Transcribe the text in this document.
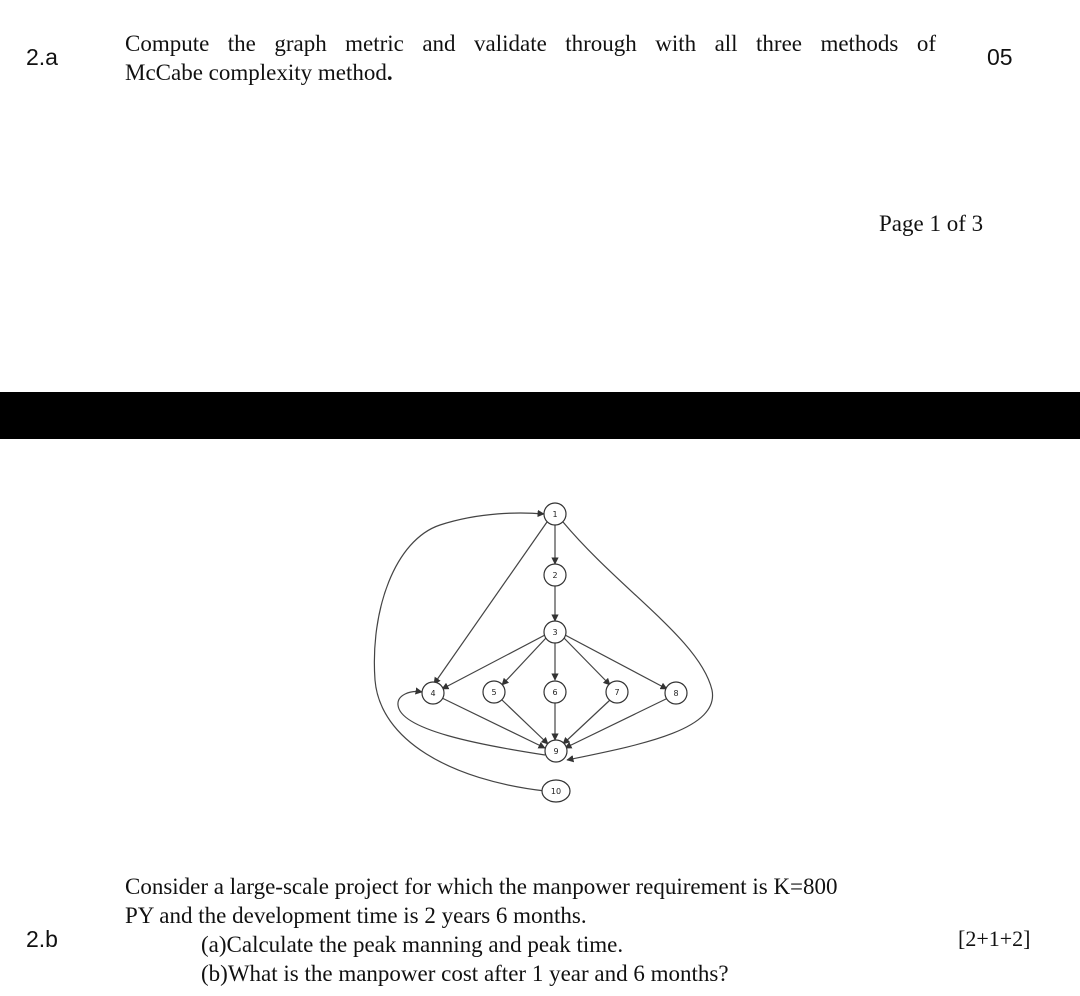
2.a
Compute the graph metric and validate through with all three methods of
McCabe complexity method.
05
Page 1 of 3
1
2
3
4	5	6	7	8
9
10
Consider a large-scale project for which the manpower requirement is K=800
PY and the development time is 2 years 6 months.
2.b	(a)Calculate the peak manning and peak time.
(b)What is the manpower cost after 1 year and 6 months?
[2+1+2]
